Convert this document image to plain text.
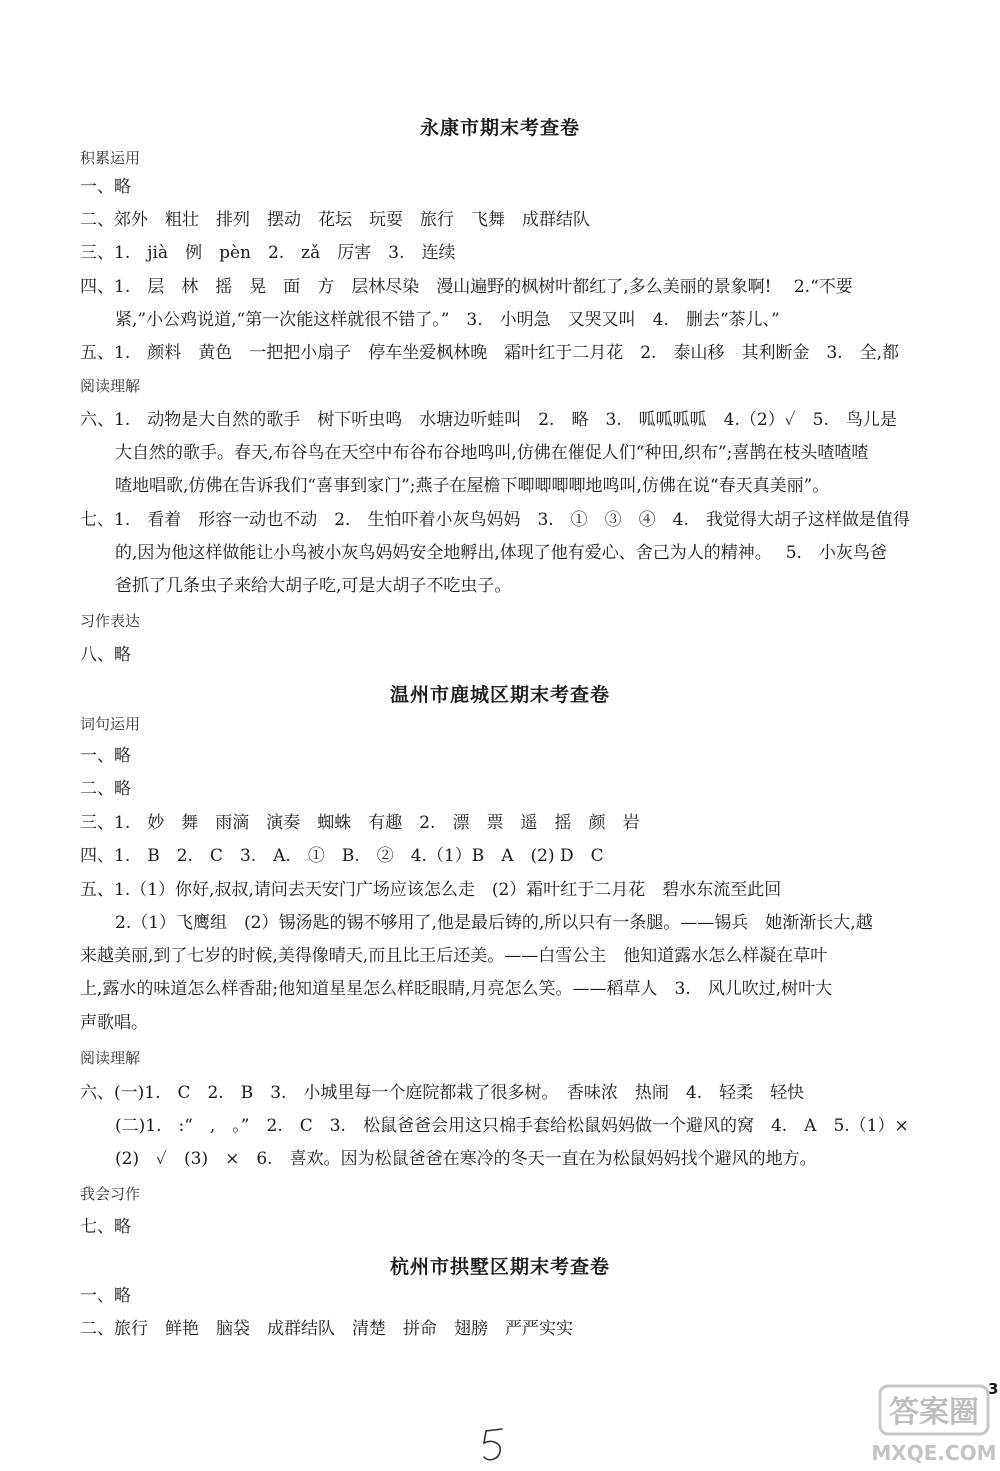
永康市期末考查卷
积累运用
一、略
二、郊外　粗壮　排列　摆动　花坛　玩耍　旅行　飞舞　成群结队
三、1.　jià　例　pèn　2.　zǎ　厉害　3.　连续
四、1.　层　林　摇　晃　面　方　层林尽染　漫山遍野的枫树叶都红了,多么美丽的景象啊!　 2.“不要
紧,”小公鸡说道,“第一次能这样就很不错了。”　3.　小明急　又哭又叫　4.　删去“茶儿、”
五、1.　颜料　黄色　一把把小扇子　停车坐爱枫林晚　霜叶红于二月花　2.　泰山移　其利断金　3.　全,都
阅读理解
六、1.　动物是大自然的歌手　树下听虫鸣　水塘边听蛙叫　2.　略　3.　呱呱呱呱　4.（2）✓　5.　鸟儿是
大自然的歌手。春天,布谷鸟在天空中布谷布谷地鸣叫,仿佛在催促人们“种田,织布”;喜鹊在枝头喳喳喳
喳地唱歌,仿佛在告诉我们“喜事到家门”;燕子在屋檐下唧唧唧唧地鸣叫,仿佛在说“春天真美丽”。
七、1.　看着　形容一动也不动　2.　生怕吓着小灰鸟妈妈　3.　①　③　④　4.　我觉得大胡子这样做是值得
的,因为他这样做能让小鸟被小灰鸟妈妈安全地孵出,体现了他有爱心、舍己为人的精神。　 5.　小灰鸟爸
爸抓了几条虫子来给大胡子吃,可是大胡子不吃虫子。
习作表达
八、略
温州市鹿城区期末考查卷
词句运用
一、略
二、略
三、1.　妙　舞　雨滴　演奏　蜘蛛　有趣　2.　漂　票　遥　摇　颜　岩
四、1.　B　2.　C　3.　A.　①　B.　②　4.（1）B　A　(2) D　C
五、1.（1）你好,叔叔,请问去天安门广场应该怎么走　(2）霜叶红于二月花　碧水东流至此回
2.（1）飞鹰组　(2）锡汤匙的锡不够用了,他是最后铸的,所以只有一条腿。——锡兵　她渐渐长大,越
来越美丽,到了七岁的时候,美得像晴天,而且比王后还美。——白雪公主　他知道露水怎么样凝在草叶
上,露水的味道怎么样香甜;他知道星星怎么样眨眼睛,月亮怎么笑。——稻草人　3.　风儿吹过,树叶大
声歌唱。
阅读理解
六、(一)1.　C　2.　B　3.　小城里每一个庭院都栽了很多树。　香味浓　热闹　4.　轻柔　轻快
(二)1.　:“　,　。”　2.　C　3.　松鼠爸爸会用这只棉手套给松鼠妈妈做一个避风的窝　4.　A　5.（1）×
(2)　✓　(3)　×　6.　喜欢。因为松鼠爸爸在寒冷的冬天一直在为松鼠妈妈找个避风的地方。
我会习作
七、略
杭州市拱墅区期末考查卷
一、略
二、旅行　鲜艳　脑袋　成群结队　清楚　拼命　翅膀　严严实实
3
答案圈
MXQE.COM
